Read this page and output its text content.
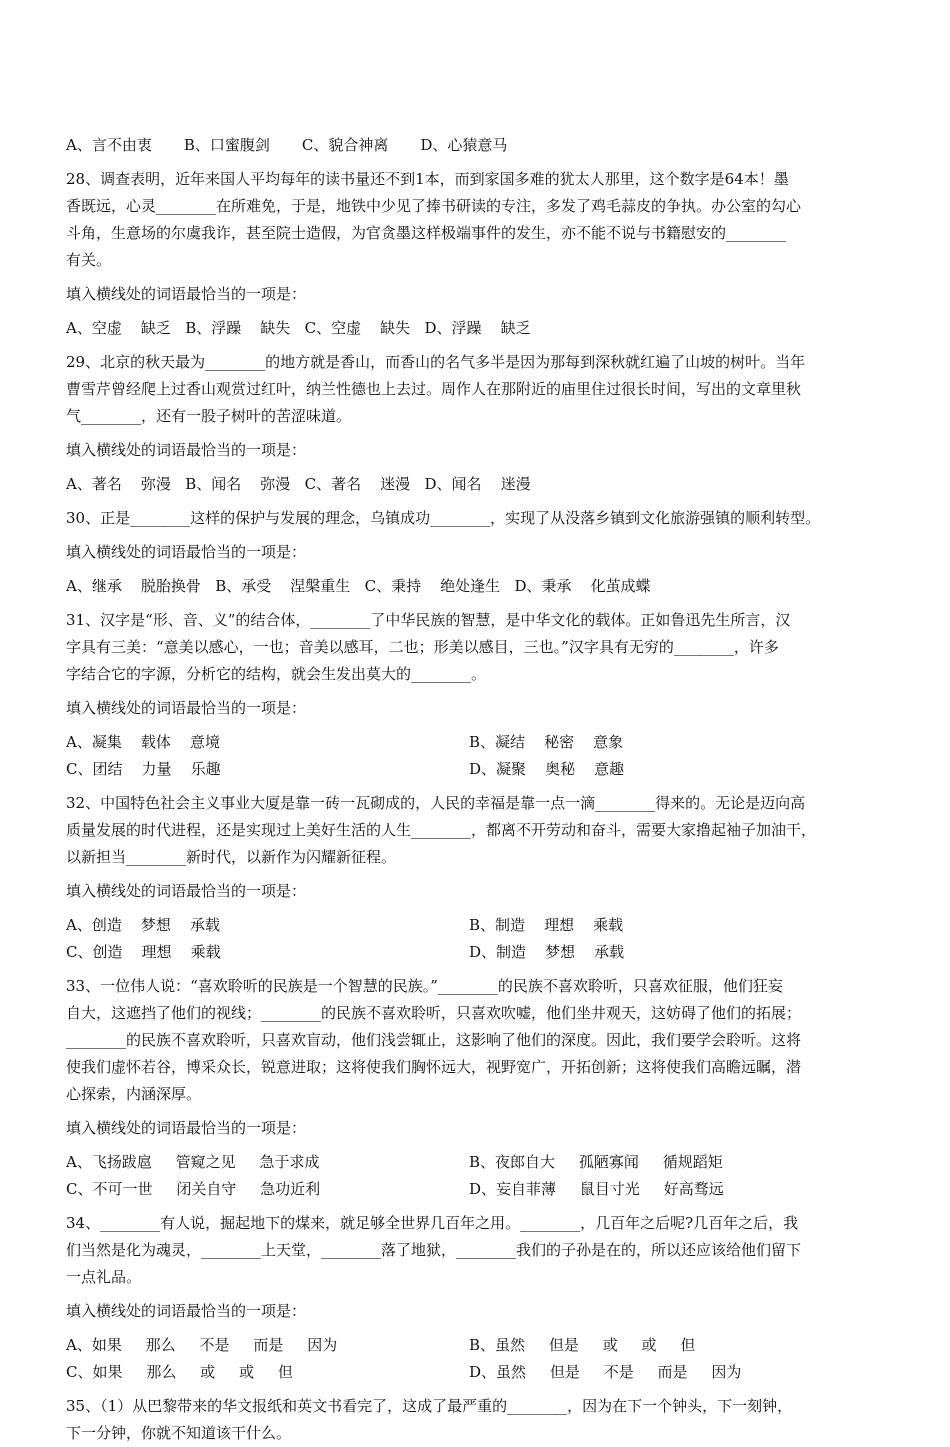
A、言不由衷 B、口蜜腹剑 C、貌合神离 D、心猿意马
28、调查表明，近年来国人平均每年的读书量还不到1本，而到家国多难的犹太人那里，这个数字是64本！墨
香既远，心灵________在所难免，于是，地铁中少见了捧书研读的专注，多发了鸡毛蒜皮的争执。办公室的勾心
斗角，生意场的尔虞我诈，甚至院士造假，为官贪墨这样极端事件的发生，亦不能不说与书籍慰安的________
有关。
填入横线处的词语最恰当的一项是：
A、空虚    缺乏   B、浮躁    缺失   C、空虚    缺失   D、浮躁    缺乏
29、北京的秋天最为________的地方就是香山，而香山的名气多半是因为那每到深秋就红遍了山坡的树叶。当年
曹雪芹曾经爬上过香山观赏过红叶，纳兰性德也上去过。周作人在那附近的庙里住过很长时间，写出的文章里秋
气________，还有一股子树叶的苦涩味道。
填入横线处的词语最恰当的一项是：
A、著名    弥漫   B、闻名    弥漫   C、著名    迷漫   D、闻名    迷漫
30、正是________这样的保护与发展的理念，乌镇成功________，实现了从没落乡镇到文化旅游强镇的顺利转型。
填入横线处的词语最恰当的一项是：
A、继承    脱胎换骨   B、承受    涅槃重生   C、秉持    绝处逢生   D、秉承    化茧成蝶
31、汉字是“形、音、义”的结合体，________了中华民族的智慧，是中华文化的载体。正如鲁迅先生所言，汉
字具有三美：“意美以感心，一也；音美以感耳，二也；形美以感目，三也。”汉字具有无穷的________，许多
字结合它的字源，分析它的结构，就会生发出莫大的________。
填入横线处的词语最恰当的一项是：
A、凝集    载体    意境	B、凝结    秘密    意象
C、团结    力量    乐趣	D、凝聚    奥秘    意趣
32、中国特色社会主义事业大厦是靠一砖一瓦砌成的，人民的幸福是靠一点一滴________得来的。无论是迈向高
质量发展的时代进程，还是实现过上美好生活的人生________，都离不开劳动和奋斗，需要大家撸起袖子加油干，
以新担当________新时代，以新作为闪耀新征程。
填入横线处的词语最恰当的一项是：
A、创造    梦想    承载	B、制造    理想    乘载
C、创造    理想    乘载	D、制造    梦想    承载
33、一位伟人说：“喜欢聆听的民族是一个智慧的民族。”________的民族不喜欢聆听，只喜欢征服，他们狂妄
自大，这遮挡了他们的视线；________的民族不喜欢聆听，只喜欢吹嘘，他们坐井观天，这妨碍了他们的拓展；
________的民族不喜欢聆听，只喜欢盲动，他们浅尝辄止，这影响了他们的深度。因此，我们要学会聆听。这将
使我们虚怀若谷，博采众长，锐意进取；这将使我们胸怀远大，视野宽广，开拓创新；这将使我们高瞻远瞩，潜
心探索，内涵深厚。
填入横线处的词语最恰当的一项是：
A、飞扬跋扈     管窥之见     急于求成	B、夜郎自大     孤陋寡闻     循规蹈矩
C、不可一世     闭关自守     急功近利	D、妄自菲薄     鼠目寸光     好高骛远
34、________有人说，掘起地下的煤来，就足够全世界几百年之用。________，几百年之后呢?几百年之后，我
们当然是化为魂灵，________上天堂，________落了地狱，________我们的子孙是在的，所以还应该给他们留下
一点礼品。
填入横线处的词语最恰当的一项是：
A、如果     那么     不是     而是     因为	B、虽然     但是     或     或     但
C、如果     那么     或     或     但	D、虽然     但是     不是     而是     因为
35、（1）从巴黎带来的华文报纸和英文书看完了，这成了最严重的________，因为在下一个钟头，下一刻钟，
下一分钟，你就不知道该干什么。
